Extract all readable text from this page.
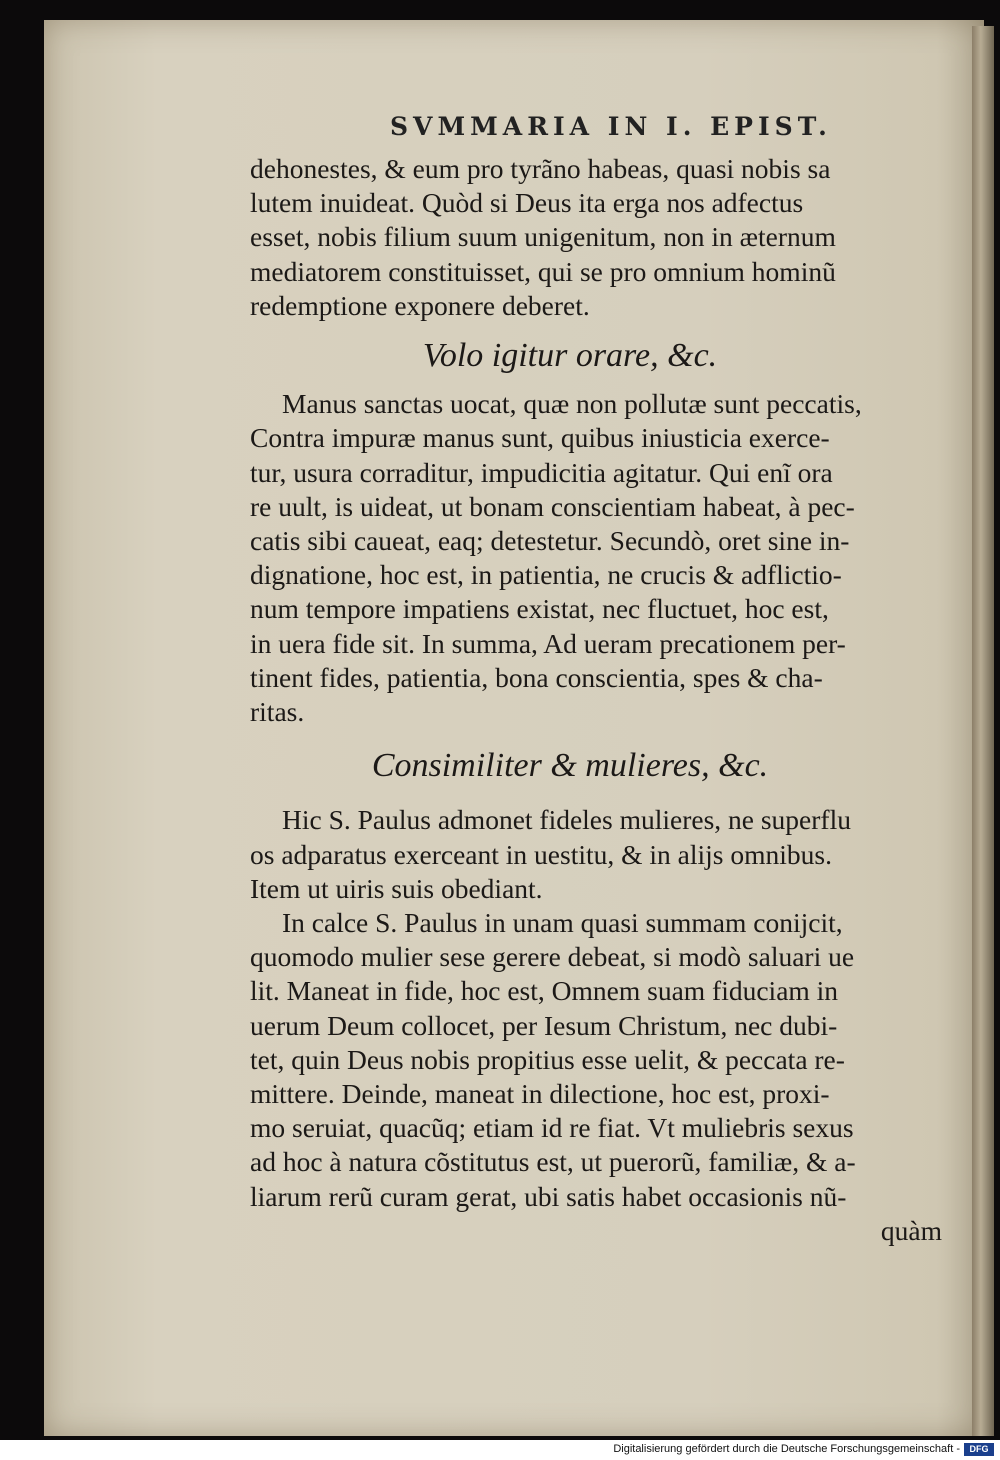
SVMMARIA IN I. EPIST.
dehonestes, & eum pro tyrãno habeas, quasi nobis sa
lutem inuideat. Quòd si Deus ita erga nos adfectus
esset, nobis filium suum unigenitum, non in æternum
mediatorem constituisset, qui se pro omnium hominũ
redemptione exponere deberet.
Volo igitur orare, &c.
Manus sanctas uocat, quæ non pollutæ sunt peccatis,
Contra impuræ manus sunt, quibus iniusticia exerce-
tur, usura corraditur, impudicitia agitatur. Qui enĩ ora
re uult, is uideat, ut bonam conscientiam habeat, à pec-
catis sibi caueat, eaq; detestetur. Secundò, oret sine in-
dignatione, hoc est, in patientia, ne crucis & adflictio-
num tempore impatiens existat, nec fluctuet, hoc est,
in uera fide sit. In summa, Ad ueram precationem per-
tinent fides, patientia, bona conscientia, spes & cha-
ritas.
Consimiliter & mulieres, &c.
Hic S. Paulus admonet fideles mulieres, ne superflu
os adparatus exerceant in uestitu, & in alijs omnibus.
Item ut uiris suis obediant.
In calce S. Paulus in unam quasi summam conijcit,
quomodo mulier sese gerere debeat, si modò saluari ue
lit. Maneat in fide, hoc est, Omnem suam fiduciam in
uerum Deum collocet, per Iesum Christum, nec dubi-
tet, quin Deus nobis propitius esse uelit, & peccata re-
mittere. Deinde, maneat in dilectione, hoc est, proxi-
mo seruiat, quacũq; etiam id re fiat. Vt muliebris sexus
ad hoc à natura cõstitutus est, ut puerorũ, familiæ, & a-
liarum rerũ curam gerat, ubi satis habet occasionis nũ-
quàm
Digitalisierung gefördert durch die Deutsche Forschungsgemeinschaft -	DFG
